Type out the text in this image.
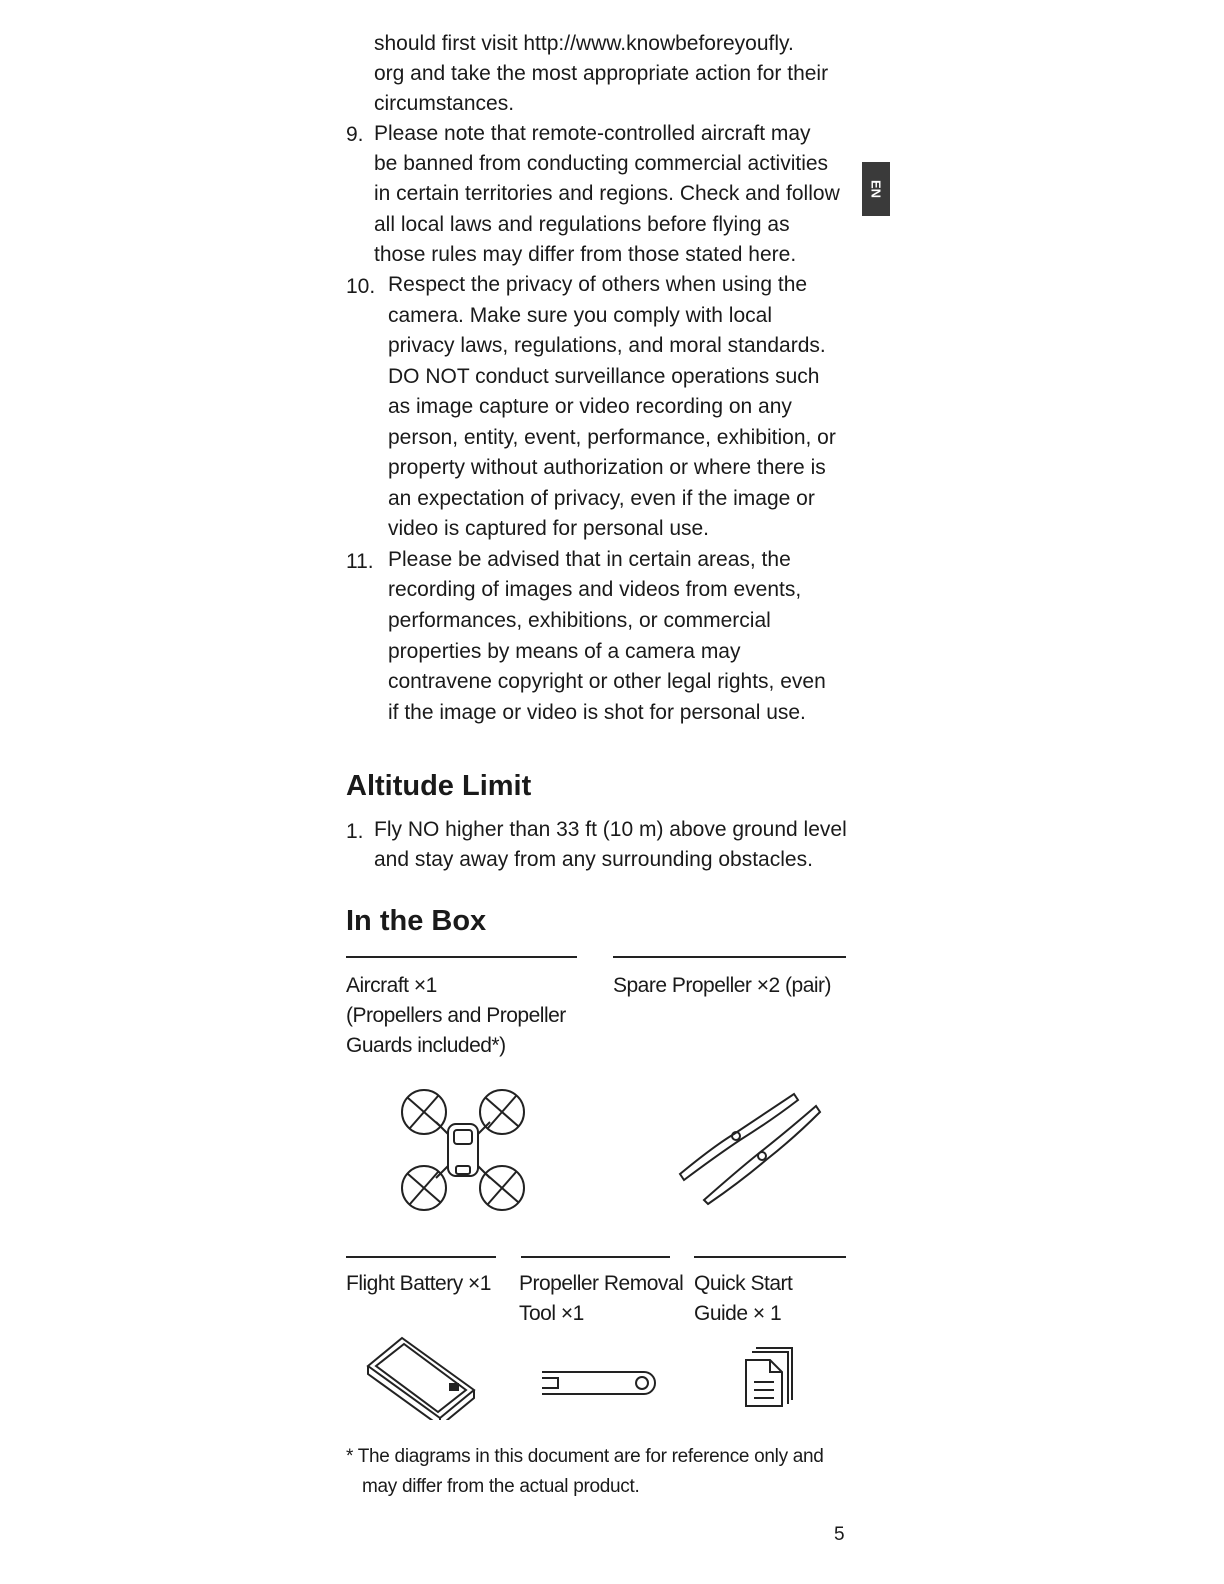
EN
should first visit http://www.knowbeforeyoufly.
org and take the most appropriate action for their
circumstances.
9. Please note that remote-controlled aircraft may
be banned from conducting commercial activities
in certain territories and regions. Check and follow
all local laws and regulations before flying as
those rules may differ from those stated here.
10. Respect the privacy of others when using the
camera. Make sure you comply with local
privacy laws, regulations, and moral standards.
DO NOT conduct surveillance operations such
as image capture or video recording on any
person, entity, event, performance, exhibition, or
property without authorization or where there is
an expectation of privacy, even if the image or
video is captured for personal use.
11. Please be advised that in certain areas, the
recording of images and videos from events,
performances, exhibitions, or commercial
properties by means of a camera may
contravene copyright or other legal rights, even
if the image or video is shot for personal use.
Altitude Limit
1. Fly NO higher than 33 ft (10 m) above ground level
and stay away from any surrounding obstacles.
In the Box
Aircraft ×1
(Propellers and Propeller
Guards included*)
Spare Propeller ×2 (pair)
Flight Battery ×1 Propeller Removal
Tool ×1
Quick Start
Guide × 1
* The diagrams in this document are for reference only and
may differ from the actual product.
5
